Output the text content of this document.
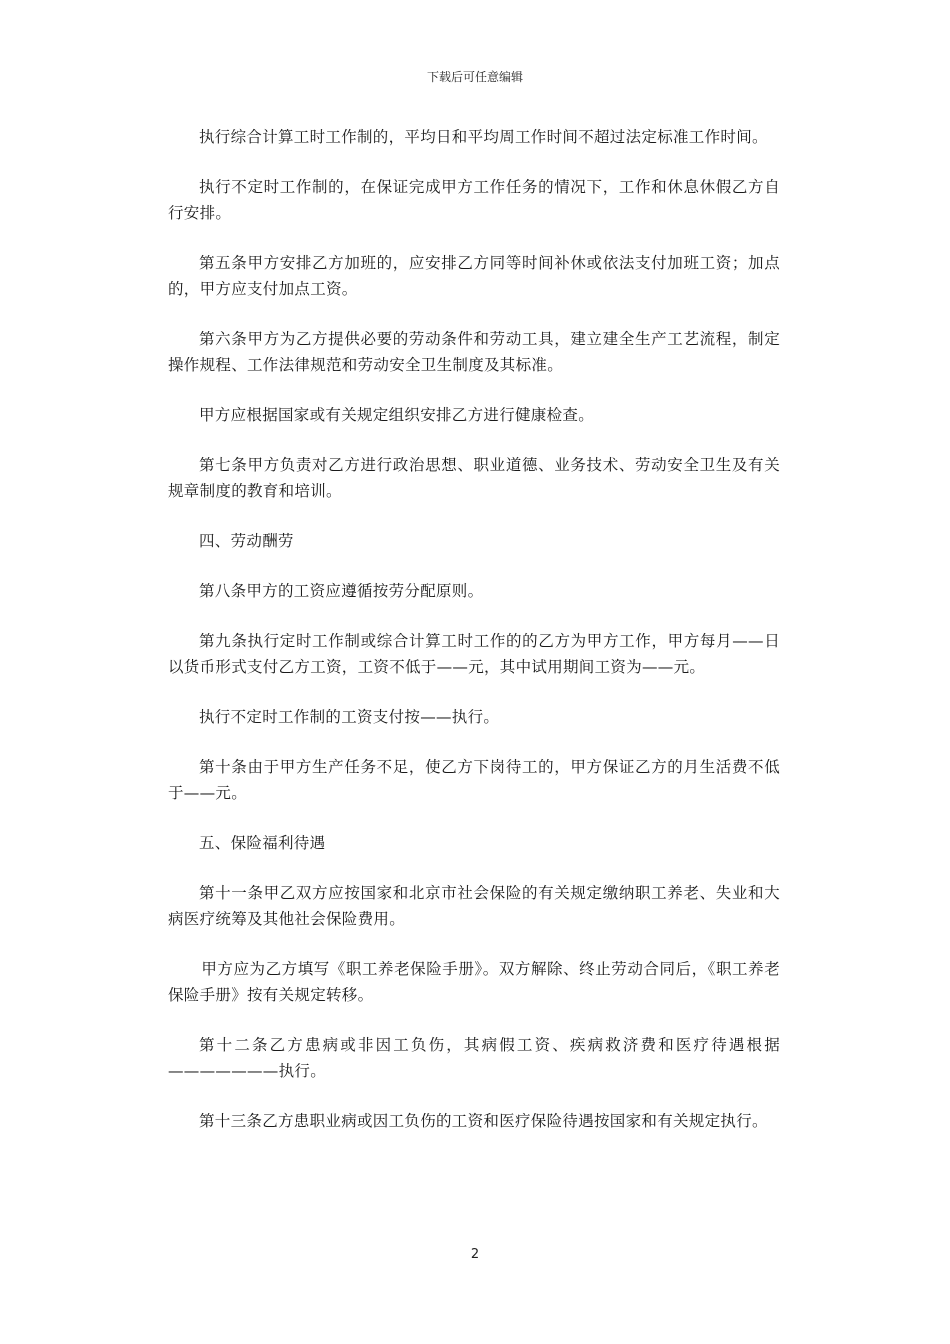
下载后可任意编辑

执行综合计算工时工作制的，平均日和平均周工作时间不超过法定标准工作时间。

执行不定时工作制的，在保证完成甲方工作任务的情况下，工作和休息休假乙方自行安排。

第五条甲方安排乙方加班的，应安排乙方同等时间补休或依法支付加班工资；加点的，甲方应支付加点工资。

第六条甲方为乙方提供必要的劳动条件和劳动工具，建立建全生产工艺流程，制定操作规程、工作法律规范和劳动安全卫生制度及其标准。

甲方应根据国家或有关规定组织安排乙方进行健康检查。

第七条甲方负责对乙方进行政治思想、职业道德、业务技术、劳动安全卫生及有关规章制度的教育和培训。

四、劳动酬劳

第八条甲方的工资应遵循按劳分配原则。

第九条执行定时工作制或综合计算工时工作的的乙方为甲方工作，甲方每月——日以货币形式支付乙方工资，工资不低于——元，其中试用期间工资为——元。

执行不定时工作制的工资支付按——执行。

第十条由于甲方生产任务不足，使乙方下岗待工的，甲方保证乙方的月生活费不低于——元。

五、保险福利待遇

第十一条甲乙双方应按国家和北京市社会保险的有关规定缴纳职工养老、失业和大病医疗统筹及其他社会保险费用。

甲方应为乙方填写《职工养老保险手册》。双方解除、终止劳动合同后，《职工养老保险手册》按有关规定转移。

第十二条乙方患病或非因工负伤，其病假工资、疾病救济费和医疗待遇根据———————执行。

第十三条乙方患职业病或因工负伤的工资和医疗保险待遇按国家和有关规定执行。

2
